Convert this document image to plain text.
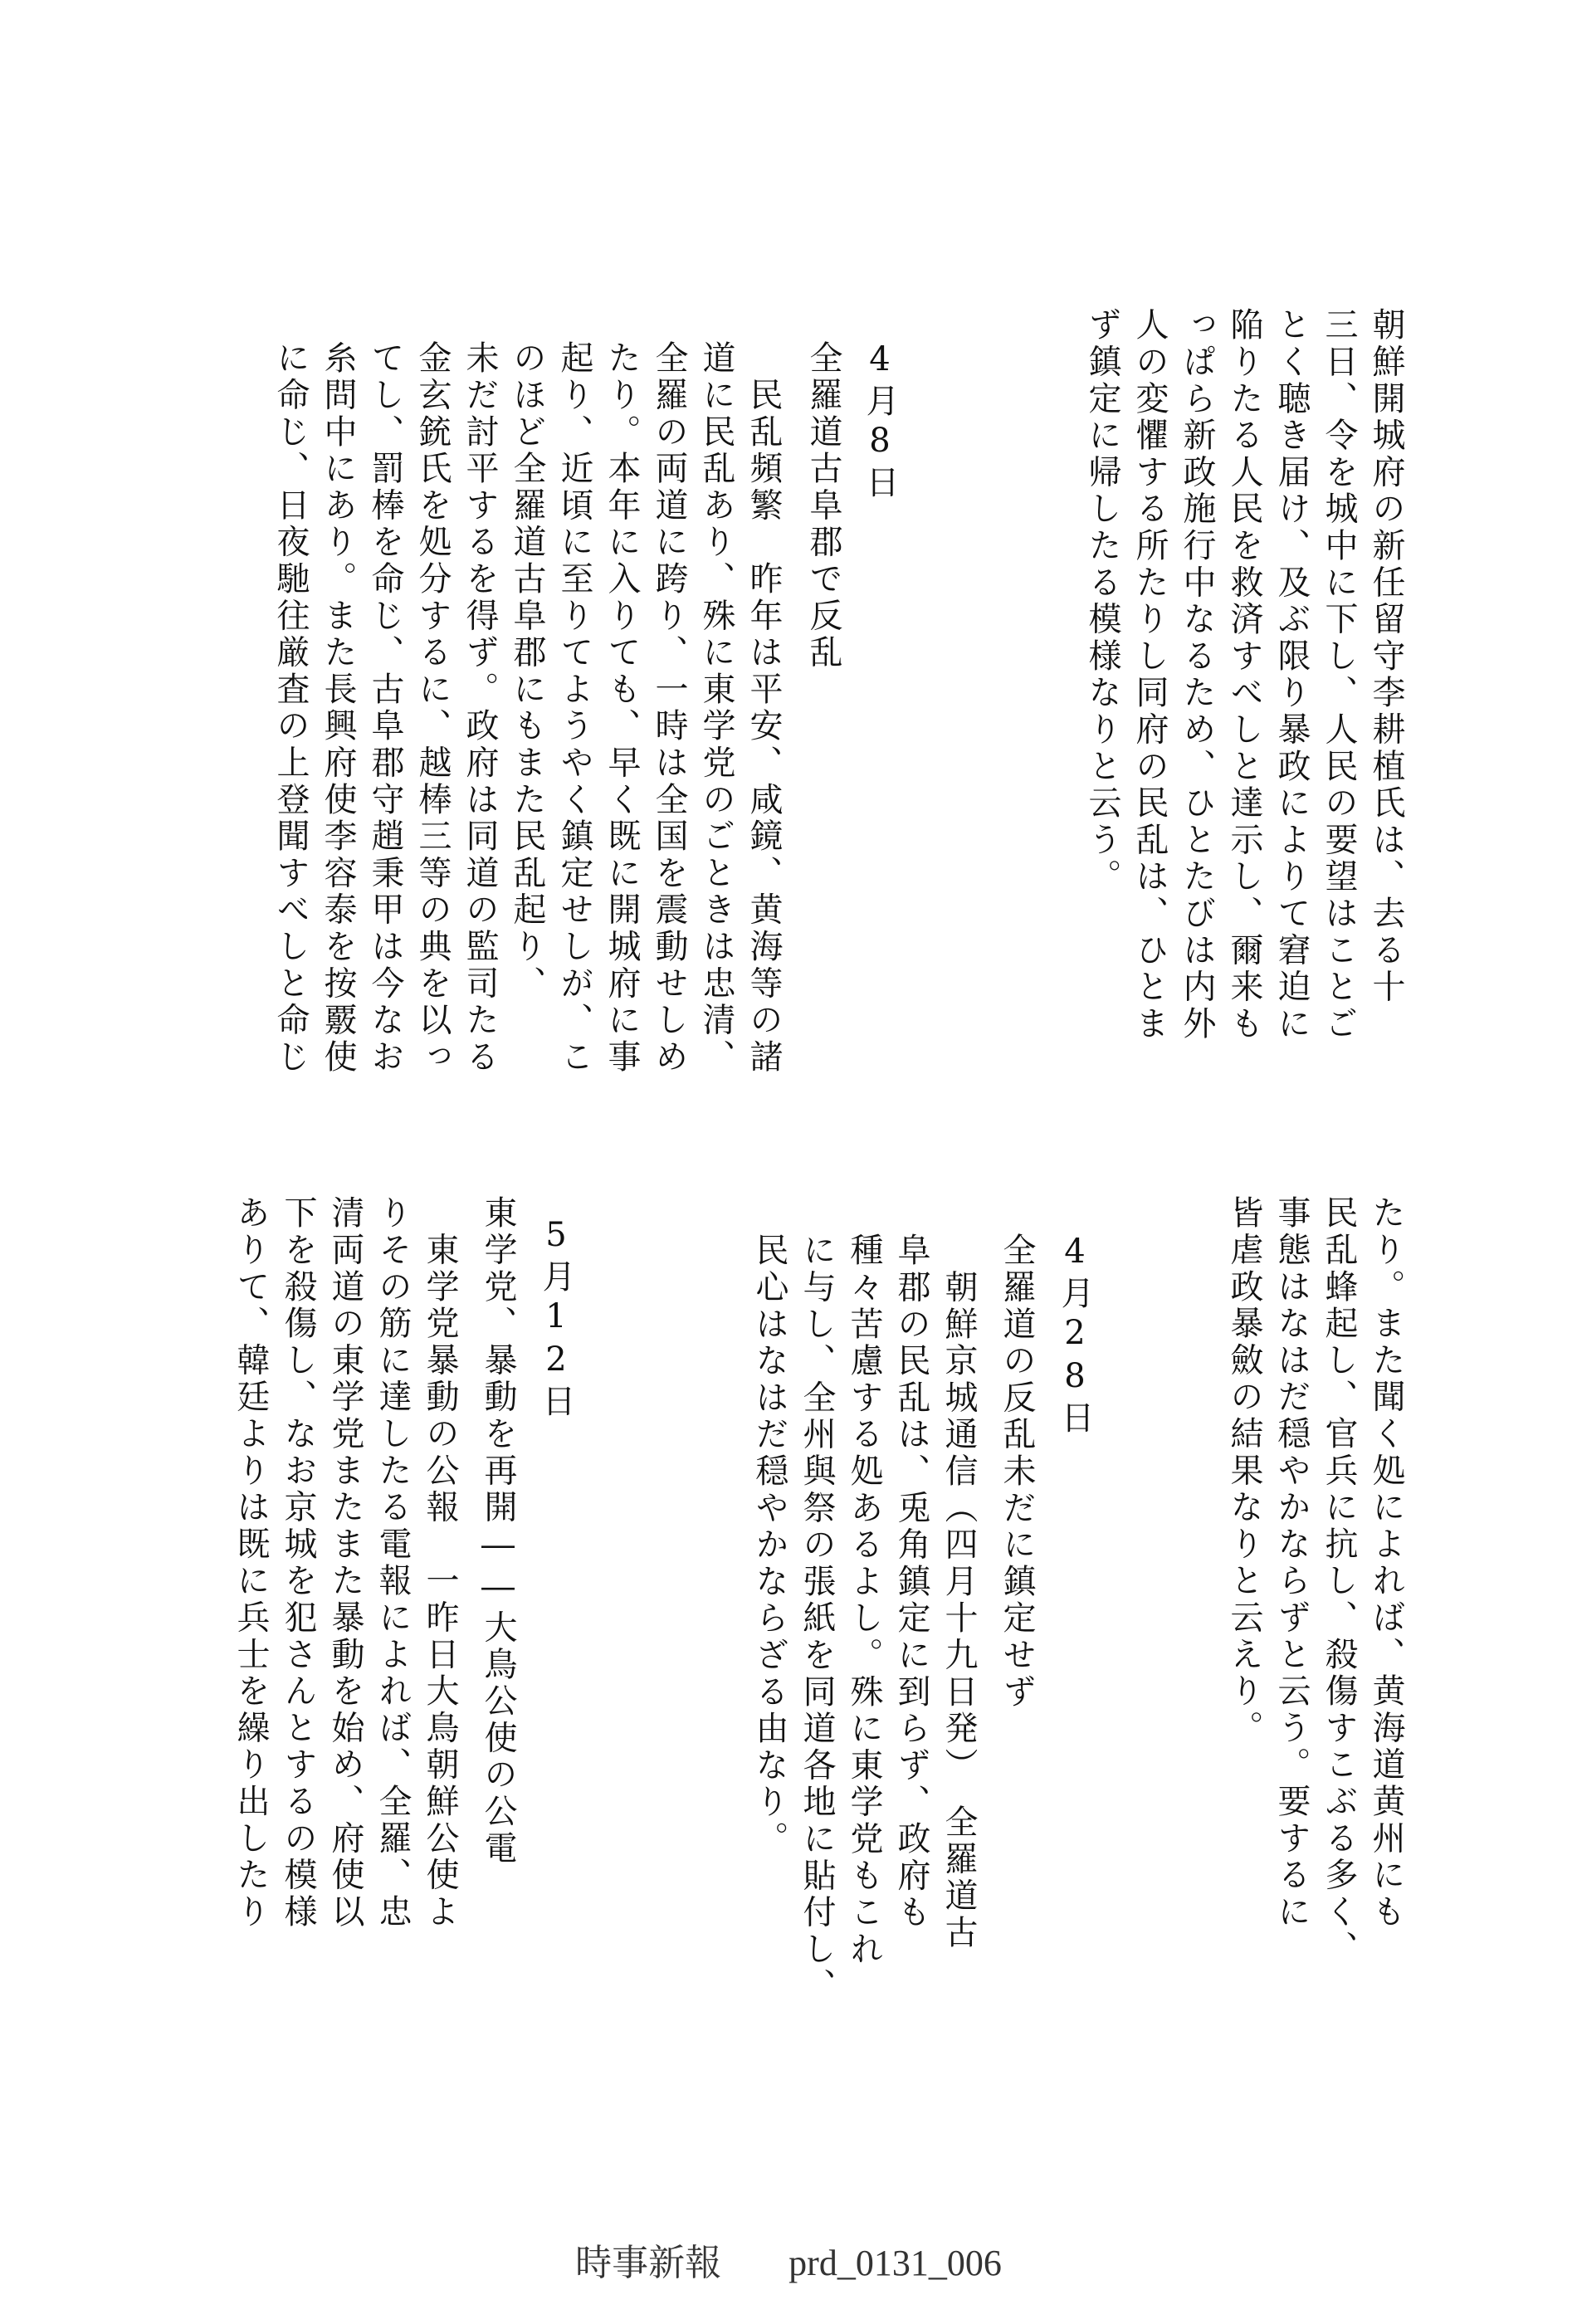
朝鮮開城府の新任留守李耕植氏は、去る十
三日、令を城中に下し、人民の要望はことご
とく聴き届け、及ぶ限り暴政によりて窘迫に
陥りたる人民を救済すべしと達示し、爾来も
っぱら新政施行中なるため、ひとたびは内外
人の変懼する所たりし同府の民乱は、ひとま
ず鎮定に帰したる模様なりと云う。
4月8日
全羅道古阜郡で反乱
　民乱頻繁　昨年は平安、咸鏡、黄海等の諸
道に民乱あり、殊に東学党のごときは忠清、
全羅の両道に跨り、一時は全国を震動せしめ
たり。本年に入りても、早く既に開城府に事
起り、近頃に至りてようやく鎮定せしが、こ
のほど全羅道古阜郡にもまた民乱起り、
未だ討平するを得ず。政府は同道の監司たる
金玄銃氏を処分するに、越棒三等の典を以っ
てし、罰棒を命じ、古阜郡守趙秉甲は今なお
糸問中にあり。また長興府使李容泰を按覈使
に命じ、日夜馳往厳査の上登聞すべしと命じ
たり。また聞く処によれば、黄海道黄州にも
民乱蜂起し、官兵に抗し、殺傷すこぶる多く、
事態はなはだ穏やかならずと云う。要するに
皆虐政暴斂の結果なりと云えり。
4月28日
全羅道の反乱未だに鎮定せず
　朝鮮京城通信（四月十九日発）　全羅道古
阜郡の民乱は、兎角鎮定に到らず、政府も
種々苦慮する処あるよし。殊に東学党もこれ
に与し、全州與祭の張紙を同道各地に貼付し、
民心はなはだ穏やかならざる由なり。
5月12日
東学党、暴動を再開――大鳥公使の公電
　東学党暴動の公報　一昨日大鳥朝鮮公使よ
りその筋に達したる電報によれば、全羅、忠
清両道の東学党またまた暴動を始め、府使以
下を殺傷し、なお京城を犯さんとするの模様
ありて、韓廷よりは既に兵士を繰り出したり
時事新報 prd_0131_006
